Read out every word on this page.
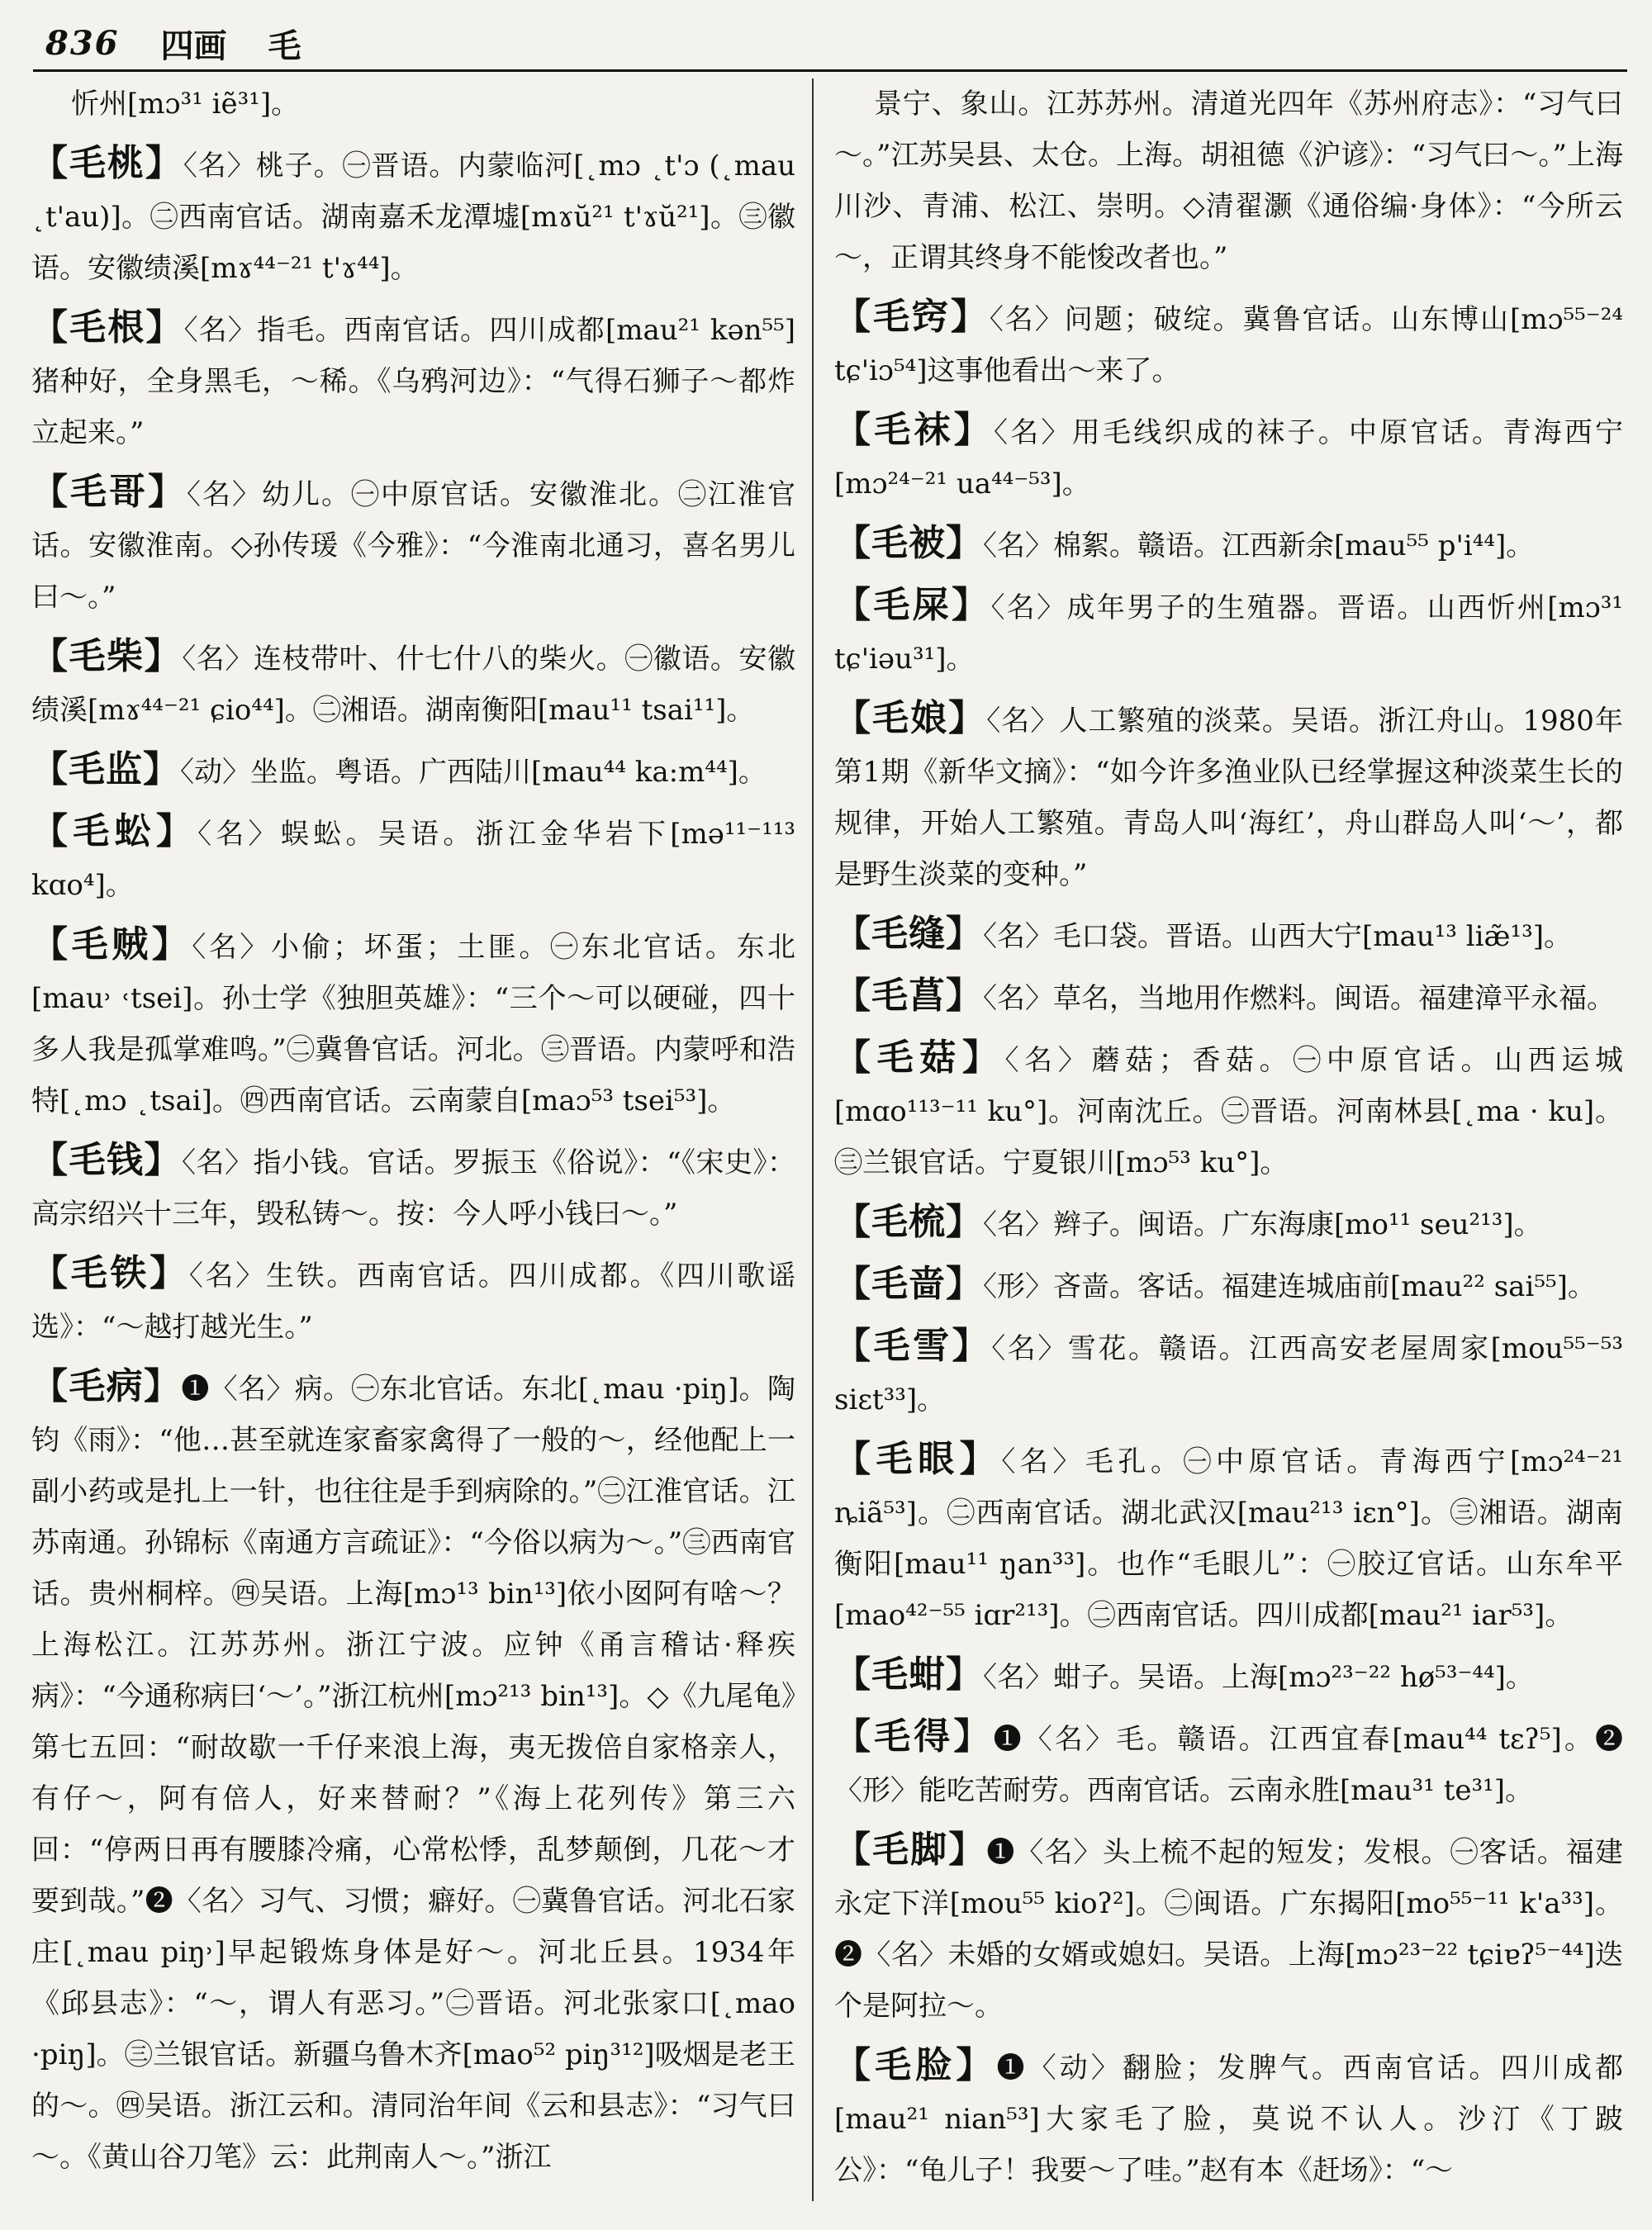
836 四画 毛
忻州[mɔ³¹ iẽ³¹]。
【毛桃】〈名〉桃子。㊀晋语。内蒙临河[˛mɔ ˛t'ɔ (˛mau ˛t'au)]。㊁西南官话。湖南嘉禾龙潭墟[mɤŭ²¹ t'ɤŭ²¹]。㊂徽语。安徽绩溪[mɤ⁴⁴⁻²¹ t'ɤ⁴⁴]。
【毛根】〈名〉指毛。西南官话。四川成都[mau²¹ kən⁵⁵]猪种好，全身黑毛，～稀。《乌鸦河边》：“气得石狮子～都炸立起来。”
【毛哥】〈名〉幼儿。㊀中原官话。安徽淮北。㊁江淮官话。安徽淮南。◇孙传瑗《今雅》：“今淮南北通习，喜名男儿曰～。”
【毛柴】〈名〉连枝带叶、什七什八的柴火。㊀徽语。安徽绩溪[mɤ⁴⁴⁻²¹ ɕio⁴⁴]。㊁湘语。湖南衡阳[mau¹¹ tsai¹¹]。
【毛监】〈动〉坐监。粤语。广西陆川[mau⁴⁴ ka:m⁴⁴]。
【毛蚣】〈名〉蜈蚣。吴语。浙江金华岩下[mə¹¹⁻¹¹³ kɑo⁴]。
【毛贼】〈名〉小偷；坏蛋；土匪。㊀东北官话。东北[mau˒ ˓tsei]。孙士学《独胆英雄》：“三个～可以硬碰，四十多人我是孤掌难鸣。”㊁冀鲁官话。河北。㊂晋语。内蒙呼和浩特[˛mɔ ˛tsai]。㊃西南官话。云南蒙自[maɔ⁵³ tsei⁵³]。
【毛钱】〈名〉指小钱。官话。罗振玉《俗说》：“《宋史》：高宗绍兴十三年，毁私铸～。按：今人呼小钱曰～。”
【毛铁】〈名〉生铁。西南官话。四川成都。《四川歌谣选》：“～越打越光生。”
【毛病】❶〈名〉病。㊀东北官话。东北[˛mau ·piŋ]。陶钧《雨》：“他…甚至就连家畜家禽得了一般的～，经他配上一副小药或是扎上一针，也往往是手到病除的。”㊁江淮官话。江苏南通。孙锦标《南通方言疏证》：“今俗以病为～。”㊂西南官话。贵州桐梓。㊃吴语。上海[mɔ¹³ bin¹³]依小囡阿有啥～？上海松江。江苏苏州。浙江宁波。应钟《甬言稽诂·释疾病》：“今通称病曰‘～’。”浙江杭州[mɔ²¹³ bin¹³]。◇《九尾龟》第七五回：“耐故歇一千仔来浪上海，夷无拨倍自家格亲人，有仔～，阿有倍人，好来替耐？”《海上花列传》第三六回：“停两日再有腰膝冷痛，心常松悸，乱梦颠倒，几花～才要到哉。”❷〈名〉习气、习惯；癖好。㊀冀鲁官话。河北石家庄[˛mau piŋ˒]早起锻炼身体是好～。河北丘县。1934年《邱县志》：“～，谓人有恶习。”㊁晋语。河北张家口[˛mao ·piŋ]。㊂兰银官话。新疆乌鲁木齐[mao⁵² piŋ³¹²]吸烟是老王的～。㊃吴语。浙江云和。清同治年间《云和县志》：“习气曰～。《黄山谷刀笔》云：此荆南人～。”浙江
景宁、象山。江苏苏州。清道光四年《苏州府志》：“习气曰～。”江苏吴县、太仓。上海。胡祖德《沪谚》：“习气曰～。”上海川沙、青浦、松江、崇明。◇清翟灏《通俗编·身体》：“今所云～，正谓其终身不能悛改者也。”
【毛窍】〈名〉问题；破绽。冀鲁官话。山东博山[mɔ⁵⁵⁻²⁴ tɕ'iɔ⁵⁴]这事他看出～来了。
【毛袜】〈名〉用毛线织成的袜子。中原官话。青海西宁[mɔ²⁴⁻²¹ ua⁴⁴⁻⁵³]。
【毛被】〈名〉棉絮。赣语。江西新余[mau⁵⁵ p'i⁴⁴]。
【毛屎】〈名〉成年男子的生殖器。晋语。山西忻州[mɔ³¹ tɕ'iəu³¹]。
【毛娘】〈名〉人工繁殖的淡菜。吴语。浙江舟山。1980年第1期《新华文摘》：“如今许多渔业队已经掌握这种淡菜生长的规律，开始人工繁殖。青岛人叫‘海红’，舟山群岛人叫‘～’，都是野生淡菜的变种。”
【毛缝】〈名〉毛口袋。晋语。山西大宁[mau¹³ liæ̃¹³]。
【毛菖】〈名〉草名，当地用作燃料。闽语。福建漳平永福。
【毛菇】〈名〉蘑菇；香菇。㊀中原官话。山西运城[mɑo¹¹³⁻¹¹ ku°]。河南沈丘。㊁晋语。河南林县[˛ma · ku]。㊂兰银官话。宁夏银川[mɔ⁵³ ku°]。
【毛梳】〈名〉辫子。闽语。广东海康[mo¹¹ seu²¹³]。
【毛啬】〈形〉吝啬。客话。福建连城庙前[mau²² sai⁵⁵]。
【毛雪】〈名〉雪花。赣语。江西高安老屋周家[mou⁵⁵⁻⁵³ siɛt³³]。
【毛眼】〈名〉毛孔。㊀中原官话。青海西宁[mɔ²⁴⁻²¹ ȵiã⁵³]。㊁西南官话。湖北武汉[mau²¹³ iɛn°]。㊂湘语。湖南衡阳[mau¹¹ ŋan³³]。也作“毛眼儿”：㊀胶辽官话。山东牟平[mao⁴²⁻⁵⁵ iɑr²¹³]。㊁西南官话。四川成都[mau²¹ iar⁵³]。
【毛蚶】〈名〉蚶子。吴语。上海[mɔ²³⁻²² hø⁵³⁻⁴⁴]。
【毛得】❶〈名〉毛。赣语。江西宜春[mau⁴⁴ tɛʔ⁵]。❷〈形〉能吃苦耐劳。西南官话。云南永胜[mau³¹ te³¹]。
【毛脚】❶〈名〉头上梳不起的短发；发根。㊀客话。福建永定下洋[mou⁵⁵ kioʔ²]。㊁闽语。广东揭阳[mo⁵⁵⁻¹¹ k'a³³]。❷〈名〉未婚的女婿或媳妇。吴语。上海[mɔ²³⁻²² tɕiɐʔ⁵⁻⁴⁴]迭个是阿拉～。
【毛脸】❶〈动〉翻脸；发脾气。西南官话。四川成都[mau²¹ nian⁵³]大家毛了脸，莫说不认人。沙汀《丁跛公》：“龟儿子！我要～了哇。”赵有本《赶场》：“～
